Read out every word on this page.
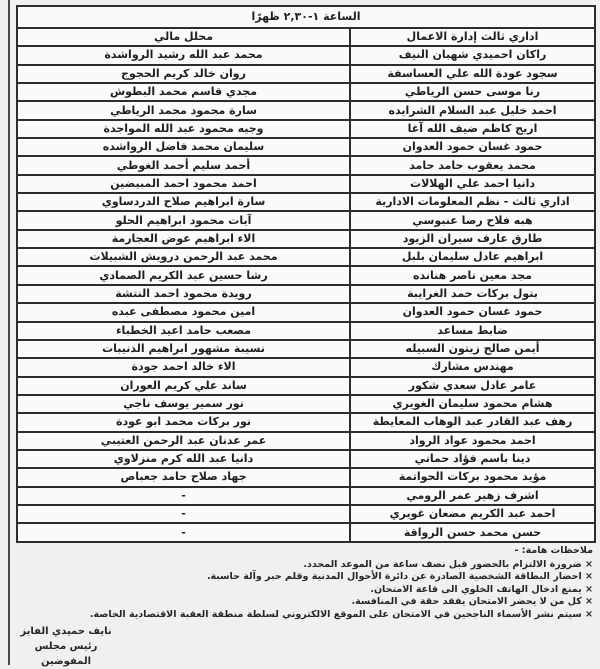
الساعة ١-٢,٣٠ ظهرًا	
اداري ثالث إدارة الاعمال	محلل مالي
راكان احميدي شهبان النيف	محمد عبد الله رشيد الرواشدة
سجود عودة الله علي العساسفة	روان خالد كريم الحجوج
رنا موسى حسن الرياطي	مجدي قاسم محمد البطوش
احمد خليل عبد السلام الشرايده	سارة محمود محمد الرياطي
اريج كاظم ضيف الله آغا	وجيه محمود عبد الله المواجدة
حمود غسان حمود العدوان	سليمان محمد فاضل الرواشده
محمد يعقوب حامد حامد	أحمد سليم أحمد الغوطي
دانيا احمد علي الهلالات	احمد محمود احمد المبيضين
اداري ثالث - نظم المعلومات الادارية	سارة ابراهيم صلاح الدردساوي
هبه فلاح رضا عنبوسي	آيات محمود ابراهيم الحلو
طارق عارف سيران الزيود	الاء ابراهيم عوض العجارمة
ابراهيم عادل سليمان بلبل	محمد عبد الرحمن درويش الشبيلات
مجد معين ناصر هنانده	رشا حسين عبد الكريم الصمادي
بتول بركات حمد الغرايبة	رويدة محمود احمد النتشة
حمود غسان حمود العدوان	امين محمود مصطفى عبده
ضابط مساعد	مصعب حامد اعيد الخطباء
أيمن صالح زيتون السبيله	نسيبة مشهور ابراهيم الذنيبات
مهندس مشارك	الاء خالد احمد جودة
عامر عادل سعدي شكور	ساند علي كريم العوران
هشام محمود سليمان الغويري	نور سمير يوسف ناجي
رهف عبد القادر عبد الوهاب المعايطة	نور بركات محمد ابو عودة
احمد محمود عواد الرواد	عمر عدنان عبد الرحمن العتيبي
دينا باسم فؤاد حماتي	دانيا عبد الله كرم منزلاوي
مؤيد محمود بركات الحواتمة	جهاد صلاح حامد جعباص
اشرف زهير عمر الرومي	-
احمد عبد الكريم مضعان غويري	-
حسن محمد حسن الرواقة	-
ملاحظات هامة: -
× ضرورة الالتزام بالحضور قبل نصف ساعة من الموعد المحدد.
× احضار البطاقة الشخصية الصادرة عن دائرة الأحوال المدنية وقلم حبر وآلة حاسبة.
× يمنع ادخال الهاتف الخلوي الى قاعة الامتحان.
× كل من لا يحضر الامتحان يفقد حقة في المنافسة.
× سيتم نشر الأسماء الناجحين في الامتحان على الموقع الالكتروني لسلطة منطقة العقبة الاقتصادية الخاصة.
نايف حميدي الفايز
رئيس مجلس المفوضين
